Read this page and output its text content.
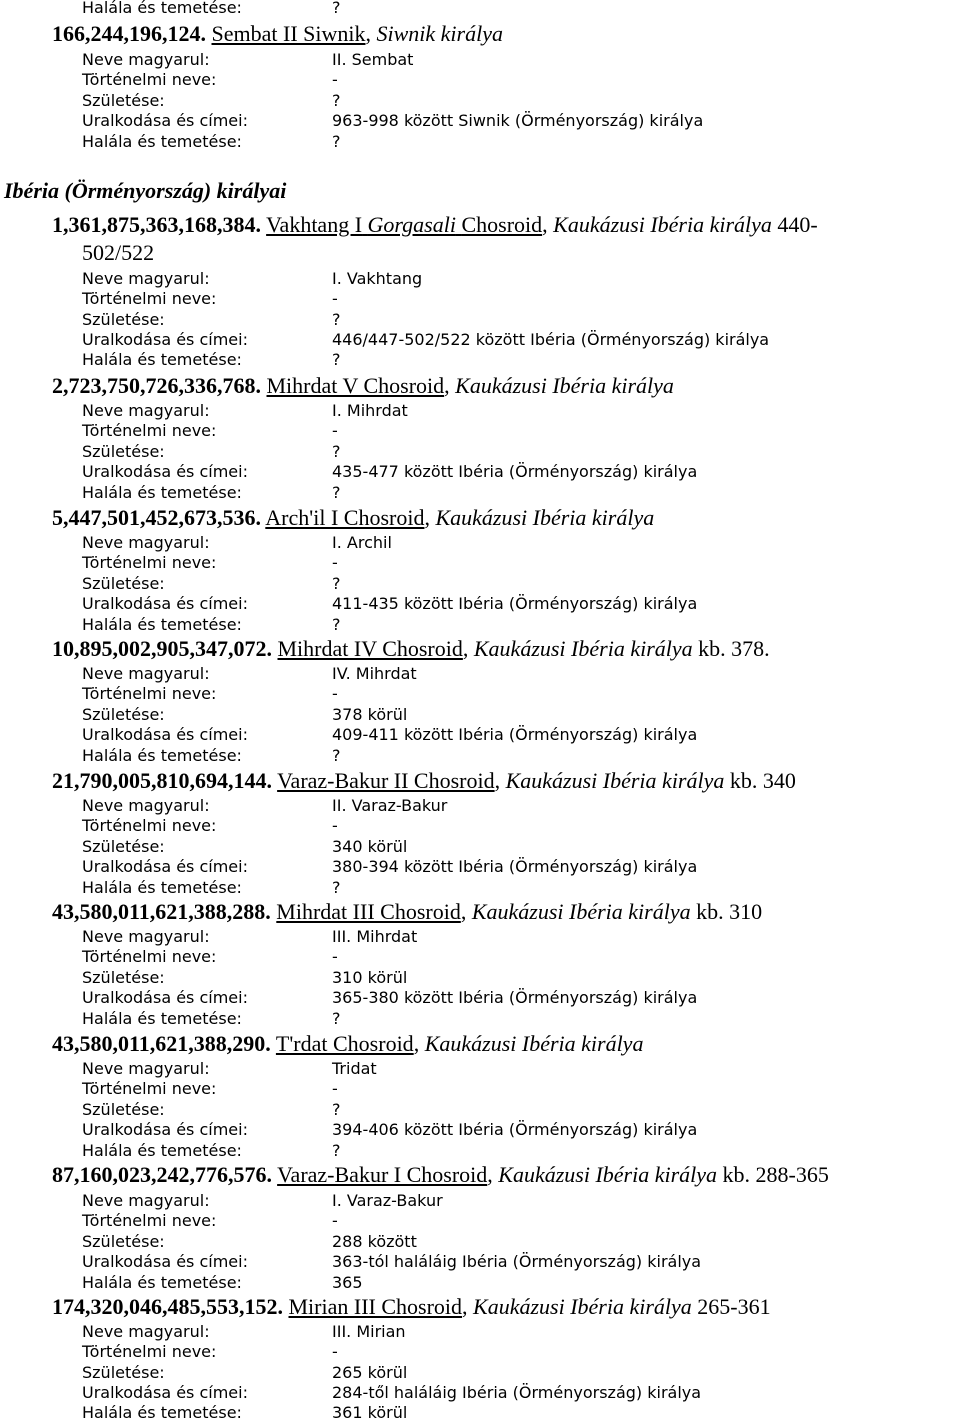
Halála és temetése:	?
166,244,196,124. Sembat II Siwnik, Siwnik királya
Neve magyarul:	II. Sembat
Történelmi neve:	-
Születése:	?
Uralkodása és címei:	963-998 között Siwnik (Örményország) királya
Halála és temetése:	?
Ibéria (Örményország) királyai
1,361,875,363,168,384. Vakhtang I Gorgasali Chosroid, Kaukázusi Ibéria királya 440-
502/522
Neve magyarul:	I. Vakhtang
Történelmi neve:	-
Születése:	?
Uralkodása és címei:	446/447-502/522 között Ibéria (Örményország) királya
Halála és temetése:	?
2,723,750,726,336,768. Mihrdat V Chosroid, Kaukázusi Ibéria királya
Neve magyarul:	I. Mihrdat
Történelmi neve:	-
Születése:	?
Uralkodása és címei:	435-477 között Ibéria (Örményország) királya
Halála és temetése:	?
5,447,501,452,673,536. Arch'il I Chosroid, Kaukázusi Ibéria királya
Neve magyarul:	I. Archil
Történelmi neve:	-
Születése:	?
Uralkodása és címei:	411-435 között Ibéria (Örményország) királya
Halála és temetése:	?
10,895,002,905,347,072. Mihrdat IV Chosroid, Kaukázusi Ibéria királya kb. 378.
Neve magyarul:	IV. Mihrdat
Történelmi neve:	-
Születése:	378 körül
Uralkodása és címei:	409-411 között Ibéria (Örményország) királya
Halála és temetése:	?
21,790,005,810,694,144. Varaz-Bakur II Chosroid, Kaukázusi Ibéria királya kb. 340
Neve magyarul:	II. Varaz-Bakur
Történelmi neve:	-
Születése:	340 körül
Uralkodása és címei:	380-394 között Ibéria (Örményország) királya
Halála és temetése:	?
43,580,011,621,388,288. Mihrdat III Chosroid, Kaukázusi Ibéria királya kb. 310
Neve magyarul:	III. Mihrdat
Történelmi neve:	-
Születése:	310 körül
Uralkodása és címei:	365-380 között Ibéria (Örményország) királya
Halála és temetése:	?
43,580,011,621,388,290. T'rdat Chosroid, Kaukázusi Ibéria királya
Neve magyarul:	Tridat
Történelmi neve:	-
Születése:	?
Uralkodása és címei:	394-406 között Ibéria (Örményország) királya
Halála és temetése:	?
87,160,023,242,776,576. Varaz-Bakur I Chosroid, Kaukázusi Ibéria királya kb. 288-365
Neve magyarul:	I. Varaz-Bakur
Történelmi neve:	-
Születése:	288 között
Uralkodása és címei:	363-tól haláláig Ibéria (Örményország) királya
Halála és temetése:	365
174,320,046,485,553,152. Mirian III Chosroid, Kaukázusi Ibéria királya 265-361
Neve magyarul:	III. Mirian
Történelmi neve:	-
Születése:	265 körül
Uralkodása és címei:	284-től haláláig Ibéria (Örményország) királya
Halála és temetése:	361 körül
